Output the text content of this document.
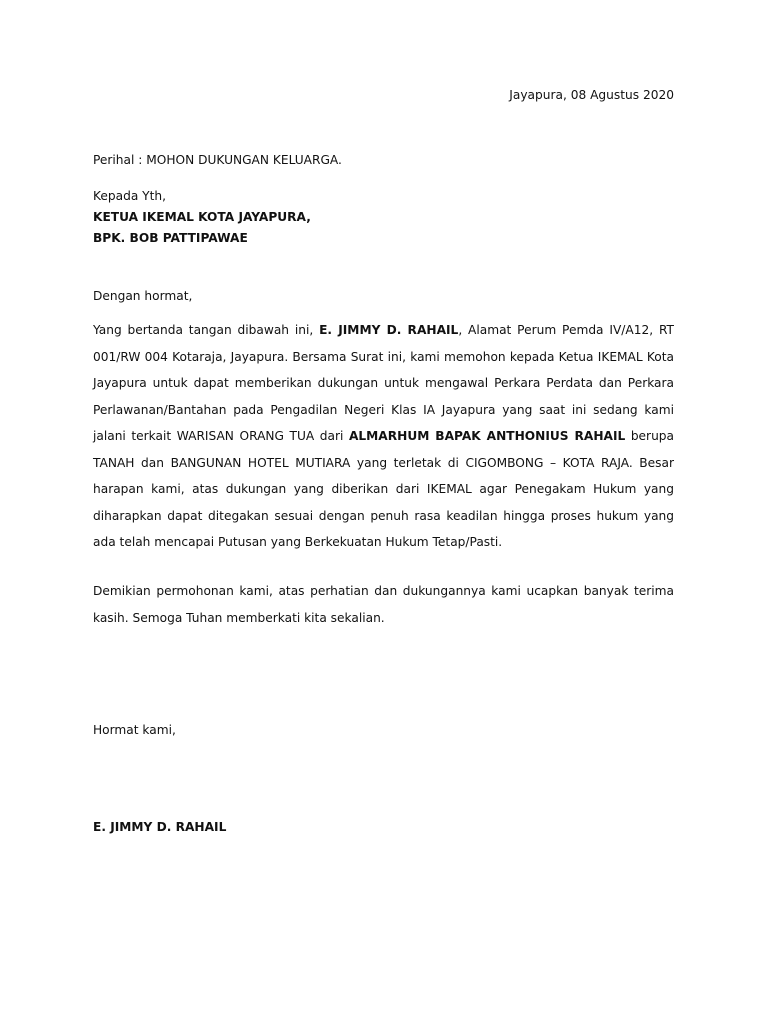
Jayapura, 08 Agustus 2020
Perihal : MOHON DUKUNGAN KELUARGA.
Kepada Yth,
KETUA IKEMAL KOTA JAYAPURA,
BPK. BOB PATTIPAWAE
Dengan hormat,

Yang bertanda tangan dibawah ini, E. JIMMY D. RAHAIL, Alamat Perum Pemda IV/A12, RT 001/RW 004 Kotaraja, Jayapura. Bersama Surat ini, kami memohon kepada Ketua IKEMAL Kota Jayapura untuk dapat memberikan dukungan untuk mengawal Perkara Perdata dan Perkara Perlawanan/Bantahan pada Pengadilan Negeri Klas IA Jayapura yang saat ini sedang kami jalani terkait WARISAN ORANG TUA dari ALMARHUM BAPAK ANTHONIUS RAHAIL berupa TANAH dan BANGUNAN HOTEL MUTIARA yang terletak di CIGOMBONG – KOTA RAJA. Besar harapan kami, atas dukungan yang diberikan dari IKEMAL agar Penegakam Hukum yang diharapkan dapat ditegakan sesuai dengan penuh rasa keadilan hingga proses hukum yang ada telah mencapai Putusan yang Berkekuatan Hukum Tetap/Pasti.

Demikian permohonan kami, atas perhatian dan dukungannya kami ucapkan banyak terima kasih. Semoga Tuhan memberkati kita sekalian.

Hormat kami,
E. JIMMY D. RAHAIL
